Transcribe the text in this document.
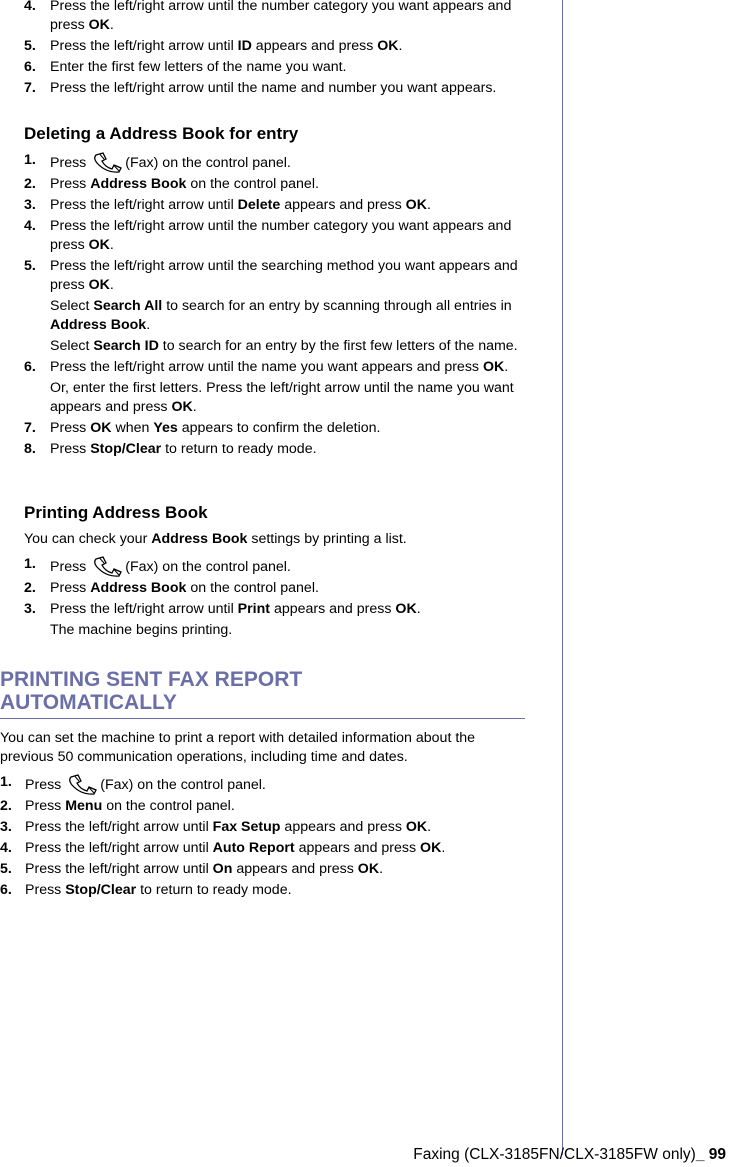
4. Press the left/right arrow until the number category you want appears and press OK.
5. Press the left/right arrow until ID appears and press OK.
6. Enter the first few letters of the name you want.
7. Press the left/right arrow until the name and number you want appears.
Deleting a Address Book for entry
1. Press	(Fax) on the control panel.
2. Press Address Book on the control panel.
3. Press the left/right arrow until Delete appears and press OK.
4. Press the left/right arrow until the number category you want appears and press OK.
5. Press the left/right arrow until the searching method you want appears and press OK.
Select Search All to search for an entry by scanning through all entries in Address Book.
Select Search ID to search for an entry by the first few letters of the name.
6. Press the left/right arrow until the name you want appears and press OK.
Or, enter the first letters. Press the left/right arrow until the name you want appears and press OK.
7. Press OK when Yes appears to confirm the deletion.
8. Press Stop/Clear to return to ready mode.
Printing Address Book
You can check your Address Book settings by printing a list.
1. Press	(Fax) on the control panel.
2. Press Address Book on the control panel.
3. Press the left/right arrow until Print appears and press OK.
The machine begins printing.
PRINTING SENT FAX REPORT
AUTOMATICALLY
You can set the machine to print a report with detailed information about the previous 50 communication operations, including time and dates.
1. Press	(Fax) on the control panel.
2. Press Menu on the control panel.
3. Press the left/right arrow until Fax Setup appears and press OK.
4. Press the left/right arrow until Auto Report appears and press OK.
5. Press the left/right arrow until On appears and press OK.
6. Press Stop/Clear to return to ready mode.
Faxing (CLX-3185FN/CLX-3185FW only)_ 99
